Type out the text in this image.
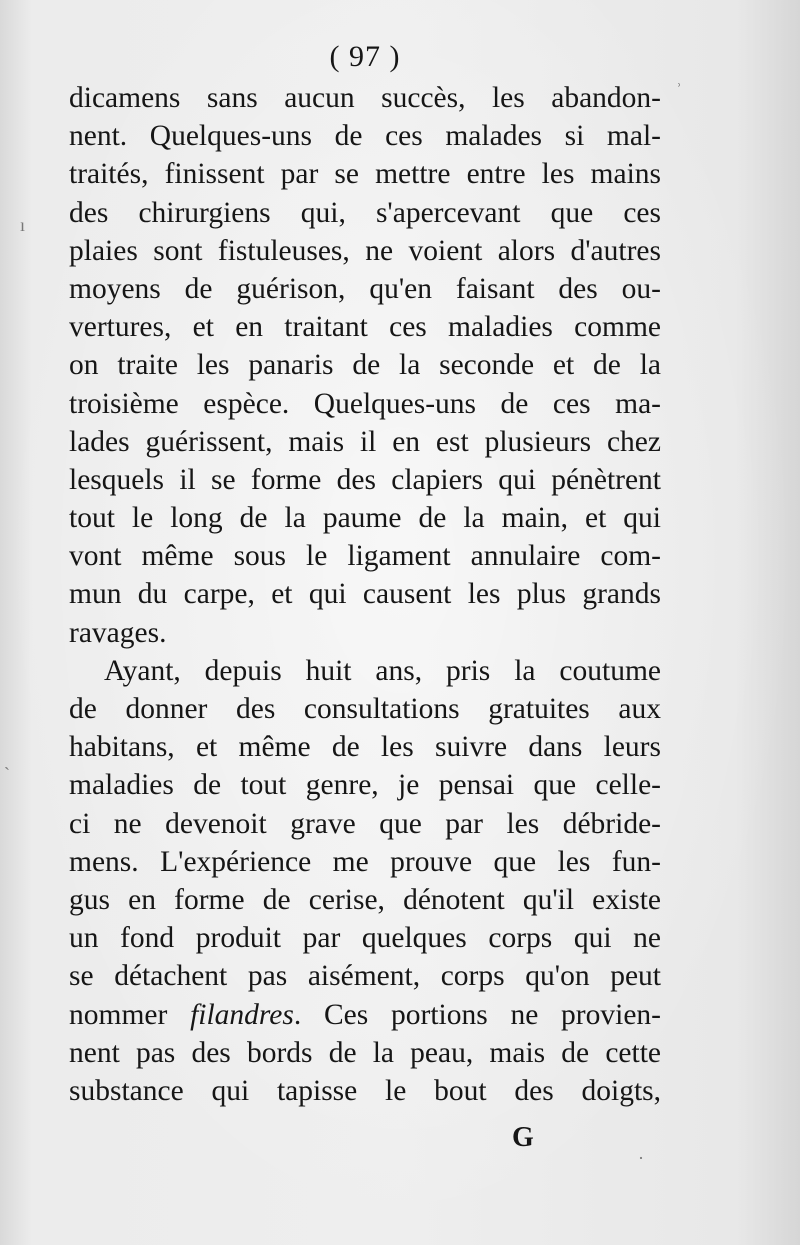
( 97 )
dicamens sans aucun succès, les abandon-
nent. Quelques-uns de ces malades si mal-
traités, finissent par se mettre entre les mains
des chirurgiens qui, s'apercevant que ces
plaies sont fistuleuses, ne voient alors d'autres
moyens de guérison, qu'en faisant des ou-
vertures, et en traitant ces maladies comme
on traite les panaris de la seconde et de la
troisième espèce. Quelques-uns de ces ma-
lades guérissent, mais il en est plusieurs chez
lesquels il se forme des clapiers qui pénètrent
tout le long de la paume de la main, et qui
vont même sous le ligament annulaire com-
mun du carpe, et qui causent les plus grands
ravages.
Ayant, depuis huit ans, pris la coutume
de donner des consultations gratuites aux
habitans, et même de les suivre dans leurs
maladies de tout genre, je pensai que celle-
ci ne devenoit grave que par les débride-
mens. L'expérience me prouve que les fun-
gus en forme de cerise, dénotent qu'il existe
un fond produit par quelques corps qui ne
se détachent pas aisément, corps qu'on peut
nommer filandres. Ces portions ne provien-
nent pas des bords de la peau, mais de cette
substance qui tapisse le bout des doigts,
G
ʾ
ı
ˏ
·
